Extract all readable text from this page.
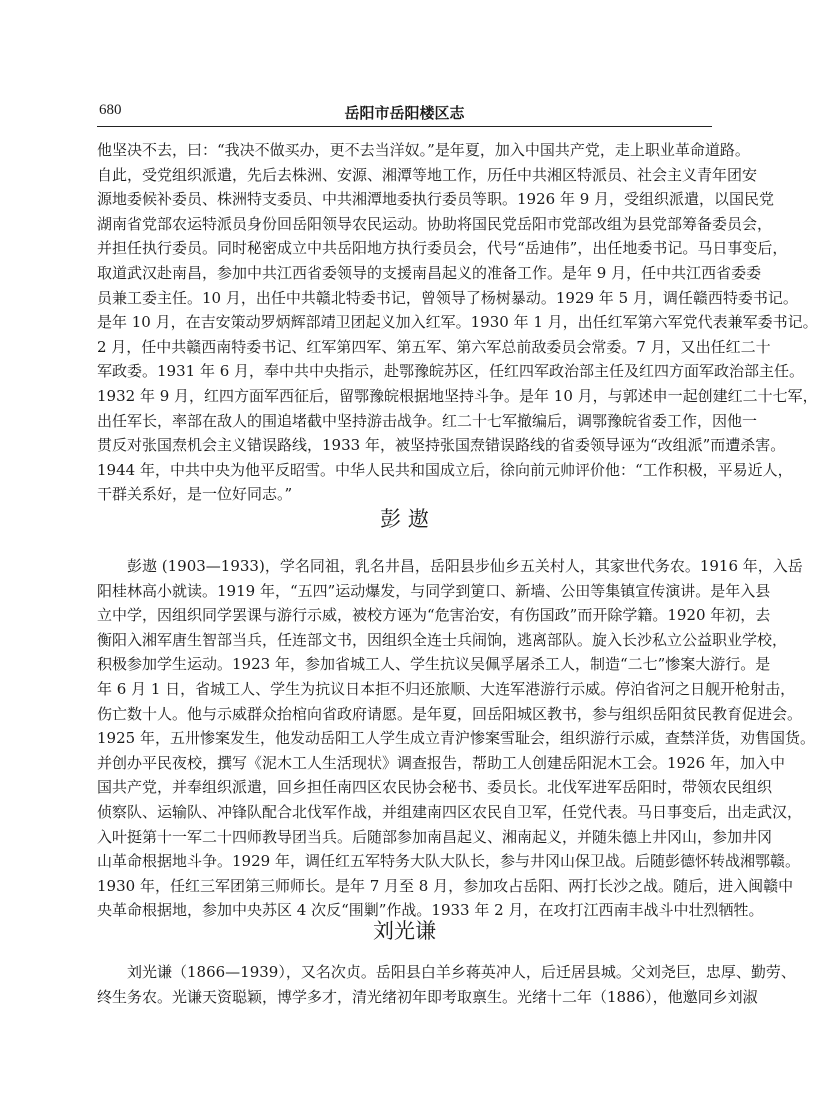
680	岳阳市岳阳楼区志
他坚决不去，曰：“我决不做买办，更不去当洋奴。”是年夏，加入中国共产党，走上职业革命道路。
自此，受党组织派遣，先后去株洲、安源、湘潭等地工作，历任中共湘区特派员、社会主义青年团安
源地委候补委员、株洲特支委员、中共湘潭地委执行委员等职。1926 年 9 月，受组织派遣，以国民党
湖南省党部农运特派员身份回岳阳领导农民运动。协助将国民党岳阳市党部改组为县党部筹备委员会，
并担任执行委员。同时秘密成立中共岳阳地方执行委员会，代号“岳迪伟”，出任地委书记。马日事变后，
取道武汉赴南昌，参加中共江西省委领导的支援南昌起义的准备工作。是年 9 月，任中共江西省委委
员兼工委主任。10 月，出任中共赣北特委书记，曾领导了杨树暴动。1929 年 5 月，调任赣西特委书记。
是年 10 月，在吉安策动罗炳辉部靖卫团起义加入红军。1930 年 1 月，出任红军第六军党代表兼军委书记。
2 月，任中共赣西南特委书记、红军第四军、第五军、第六军总前敌委员会常委。7 月，又出任红二十
军政委。1931 年 6 月，奉中共中央指示，赴鄂豫皖苏区，任红四军政治部主任及红四方面军政治部主任。
1932 年 9 月，红四方面军西征后，留鄂豫皖根据地坚持斗争。是年 10 月，与郭述申一起创建红二十七军，
出任军长，率部在敌人的围追堵截中坚持游击战争。红二十七军撤编后，调鄂豫皖省委工作，因他一
贯反对张国焘机会主义错误路线，1933 年，被坚持张国焘错误路线的省委领导诬为“改组派”而遭杀害。
1944 年，中共中央为他平反昭雪。中华人民共和国成立后，徐向前元帅评价他：“工作积极，平易近人，
干群关系好，是一位好同志。”
彭 遨
彭遨 (1903—1933)，学名同祖，乳名井昌，岳阳县步仙乡五关村人，其家世代务农。1916 年，入岳
阳桂林高小就读。1919 年，“五四”运动爆发，与同学到筻口、新墙、公田等集镇宣传演讲。是年入县
立中学，因组织同学罢课与游行示威，被校方诬为“危害治安，有伤国政”而开除学籍。1920 年初，去
衡阳入湘军唐生智部当兵，任连部文书，因组织全连士兵闹饷，逃离部队。旋入长沙私立公益职业学校，
积极参加学生运动。1923 年，参加省城工人、学生抗议吴佩孚屠杀工人，制造“二七”惨案大游行。是
年 6 月 1 日，省城工人、学生为抗议日本拒不归还旅顺、大连军港游行示威。停泊省河之日舰开枪射击，
伤亡数十人。他与示威群众抬棺向省政府请愿。是年夏，回岳阳城区教书，参与组织岳阳贫民教育促进会。
1925 年，五卅惨案发生，他发动岳阳工人学生成立青沪惨案雪耻会，组织游行示威，查禁洋货，劝售国货。
并创办平民夜校，撰写《泥木工人生活现状》调查报告，帮助工人创建岳阳泥木工会。1926 年，加入中
国共产党，并奉组织派遣，回乡担任南四区农民协会秘书、委员长。北伐军进军岳阳时，带领农民组织
侦察队、运输队、冲锋队配合北伐军作战，并组建南四区农民自卫军，任党代表。马日事变后，出走武汉，
入叶挺第十一军二十四师教导团当兵。后随部参加南昌起义、湘南起义，并随朱德上井冈山，参加井冈
山革命根据地斗争。1929 年，调任红五军特务大队大队长，参与井冈山保卫战。后随彭德怀转战湘鄂赣。
1930 年，任红三军团第三师师长。是年 7 月至 8 月，参加攻占岳阳、两打长沙之战。随后，进入闽赣中
央革命根据地，参加中央苏区 4 次反“围剿”作战。1933 年 2 月，在攻打江西南丰战斗中壮烈牺牲。
刘光谦
刘光谦（1866—1939），又名次贞。岳阳县白羊乡蒋英冲人，后迁居县城。父刘尧巨，忠厚、勤劳、
终生务农。光谦天资聪颖，博学多才，清光绪初年即考取禀生。光绪十二年（1886），他邀同乡刘淑
